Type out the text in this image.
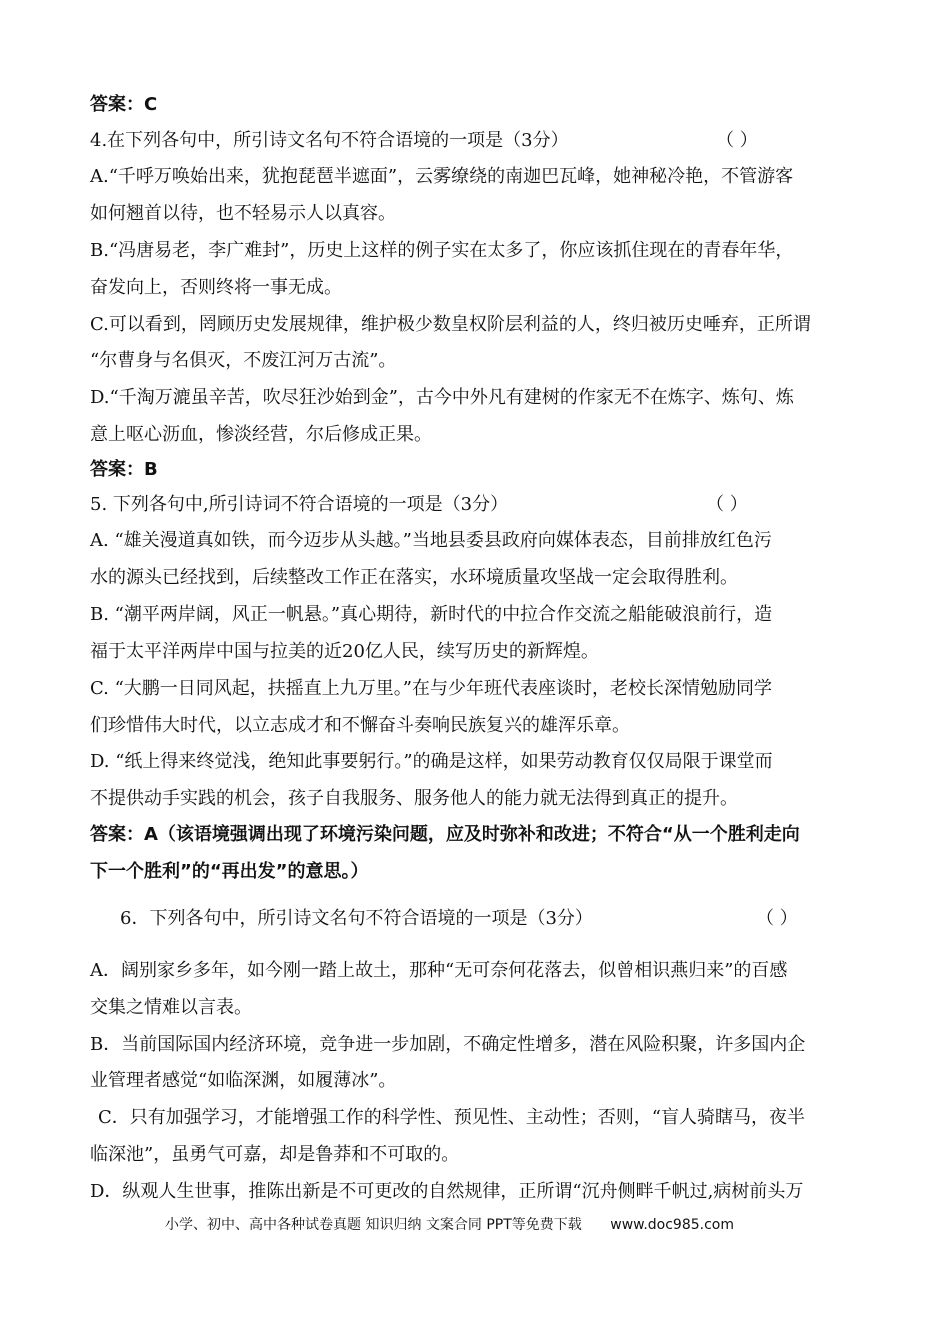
答案：C
4.在下列各句中，所引诗文名句不符合语境的一项是（3分）	（ ）
A.“千呼万唤始出来，犹抱琵琶半遮面”，云雾缭绕的南迦巴瓦峰，她神秘冷艳，不管游客
如何翘首以待，也不轻易示人以真容。
B.“冯唐易老，李广难封”，历史上这样的例子实在太多了，你应该抓住现在的青春年华，
奋发向上，否则终将一事无成。
C.可以看到，罔顾历史发展规律，维护极少数皇权阶层利益的人，终归被历史唾弃，正所谓
“尔曹身与名俱灭，不废江河万古流”。
D.“千淘万漉虽辛苦，吹尽狂沙始到金”，古今中外凡有建树的作家无不在炼字、炼句、炼
意上呕心沥血，惨淡经营，尔后修成正果。
答案：B
5. 下列各句中,所引诗词不符合语境的一项是（3分）	（ ）
A. “雄关漫道真如铁，而今迈步从头越。”当地县委县政府向媒体表态，目前排放红色污
水的源头已经找到，后续整改工作正在落实，水环境质量攻坚战一定会取得胜利。
B. “潮平两岸阔，风正一帆悬。”真心期待，新时代的中拉合作交流之船能破浪前行，造
福于太平洋两岸中国与拉美的近20亿人民，续写历史的新辉煌。
C. “大鹏一日同风起，扶摇直上九万里。”在与少年班代表座谈时，老校长深情勉励同学
们珍惜伟大时代，以立志成才和不懈奋斗奏响民族复兴的雄浑乐章。
D. “纸上得来终觉浅，绝知此事要躬行。”的确是这样，如果劳动教育仅仅局限于课堂而
不提供动手实践的机会，孩子自我服务、服务他人的能力就无法得到真正的提升。
答案：A（该语境强调出现了环境污染问题，应及时弥补和改进；不符合“从一个胜利走向
下一个胜利”的“再出发”的意思。）
6．下列各句中，所引诗文名句不符合语境的一项是（3分）	（ ）
A．阔别家乡多年，如今刚一踏上故土，那种“无可奈何花落去，似曾相识燕归来”的百感
交集之情难以言表。
B．当前国际国内经济环境，竞争进一步加剧，不确定性增多，潜在风险积聚，许多国内企
业管理者感觉“如临深渊，如履薄冰”。
C．只有加强学习，才能增强工作的科学性、预见性、主动性；否则，“盲人骑瞎马，夜半
临深池”，虽勇气可嘉，却是鲁莽和不可取的。
D．纵观人生世事，推陈出新是不可更改的自然规律，正所谓“沉舟侧畔千帆过,病树前头万
小学、初中、高中各种试卷真题 知识归纳 文案合同 PPT等免费下载 www.doc985.com
